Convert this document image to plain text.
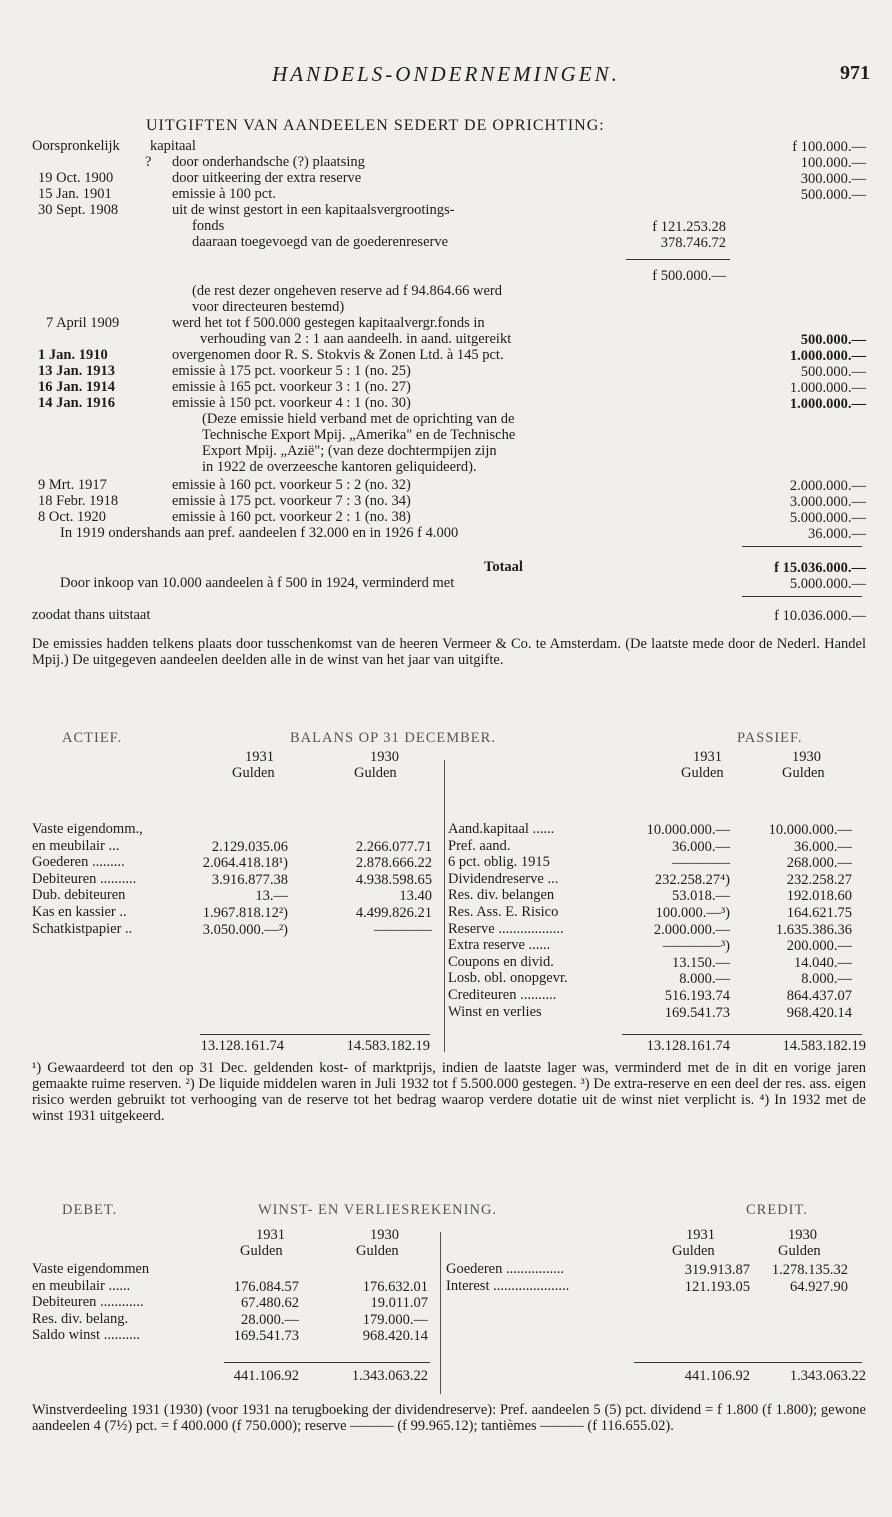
HANDELS-ONDERNEMINGEN.	971
UITGIFTEN VAN AANDEELEN SEDERT DE OPRICHTING:
Oorspronkelijk kapitaal	f 100.000.—
? door onderhandsche (?) plaatsing	100.000.—
19 Oct. 1900	door uitkeering der extra reserve	300.000.—
15 Jan. 1901	emissie à 100 pct.	500.000.—
30 Sept. 1908	uit de winst gestort in een kapitaalsvergrootings-
fonds	f 121.253.28
daaraan toegevoegd van de goederenreserve	378.746.72
f 500.000.—
(de rest dezer ongeheven reserve ad f 94.864.66 werd
voor directeuren bestemd)
7 April 1909	werd het tot f 500.000 gestegen kapitaalvergr.fonds in
verhouding van 2 : 1 aan aandeelh. in aand. uitgereikt	500.000.—
1 Jan. 1910	overgenomen door R. S. Stokvis & Zonen Ltd. à 145 pct.	1.000.000.—
13 Jan. 1913	emissie à 175 pct. voorkeur 5 : 1 (no. 25)	500.000.—
16 Jan. 1914	emissie à 165 pct. voorkeur 3 : 1 (no. 27)	1.000.000.—
14 Jan. 1916	emissie à 150 pct. voorkeur 4 : 1 (no. 30)	1.000.000.—
(Deze emissie hield verband met de oprichting van de
Technische Export Mpij. „Amerika" en de Technische
Export Mpij. „Azië"; (van deze dochtermpijen zijn
in 1922 de overzeesche kantoren geliquideerd).
9 Mrt. 1917	emissie à 160 pct. voorkeur 5 : 2 (no. 32)	2.000.000.—
18 Febr. 1918	emissie à 175 pct. voorkeur 7 : 3 (no. 34)	3.000.000.—
8 Oct. 1920	emissie à 160 pct. voorkeur 2 : 1 (no. 38)	5.000.000.—
In 1919 ondershands aan pref. aandeelen f 32.000 en in 1926 f 4.000	36.000.—
Totaal	f 15.036.000.—
Door inkoop van 10.000 aandeelen à f 500 in 1924, verminderd met	5.000.000.—
zoodat thans uitstaat	f 10.036.000.—
De emissies hadden telkens plaats door tusschenkomst van de heeren Vermeer & Co. te Amsterdam. (De laatste mede door de Nederl. Handel Mpij.) De uitgegeven aandeelen deelden alle in de winst van het jaar van uitgifte.
ACTIEF.	BALANS OP 31 DECEMBER.	PASSIEF.
1931	1930
Gulden	Gulden
1931	1930
Gulden	Gulden
Vaste eigendomm.,
en meubilair ...	2.129.035.06	2.266.077.71
Goederen .........	2.064.418.18¹)	2.878.666.22
Debiteuren ..........	3.916.877.38	4.938.598.65
Dub. debiteuren	13.—	13.40
Kas en kassier ..	1.967.818.12²)	4.499.826.21
Schatkistpapier ..	3.050.000.—²)	————
Aand.kapitaal ......	10.000.000.—	10.000.000.—
Pref. aand.	36.000.—	36.000.—
6 pct. oblig. 1915	————	268.000.—
Dividendreserve ...	232.258.27⁴)	232.258.27
Res. div. belangen	53.018.—	192.018.60
Res. Ass. E. Risico	100.000.—³)	164.621.75
Reserve ..................	2.000.000.—	1.635.386.36
Extra reserve ......	————³)	200.000.—
Coupons en divid.	13.150.—	14.040.—
Losb. obl. onopgevr.	8.000.—	8.000.—
Crediteuren ..........	516.193.74	864.437.07
Winst en verlies	169.541.73	968.420.14
13.128.161.74	14.583.182.19	13.128.161.74	14.583.182.19
¹) Gewaardeerd tot den op 31 Dec. geldenden kost- of marktprijs, indien de laatste lager was, verminderd met de in dit en vorige jaren gemaakte ruime reserven. ²) De liquide middelen waren in Juli 1932 tot f 5.500.000 gestegen. ³) De extra-reserve en een deel der res. ass. eigen risico werden gebruikt tot verhooging van de reserve tot het bedrag waarop verdere dotatie uit de winst niet verplicht is. ⁴) In 1932 met de winst 1931 uitgekeerd.
DEBET.	WINST- EN VERLIESREKENING.	CREDIT.
1931	1930
Gulden	Gulden
1931	1930
Gulden	Gulden
Vaste eigendommen
en meubilair ......	176.084.57	176.632.01
Debiteuren ............	67.480.62	19.011.07
Res. div. belang.	28.000.—	179.000.—
Saldo winst ..........	169.541.73	968.420.14
Goederen ................	319.913.87 1.278.135.32
Interest .....................	121.193.05	64.927.90
441.106.92	1.343.063.22	441.106.92	1.343.063.22
Winstverdeeling 1931 (1930) (voor 1931 na terugboeking der dividendreserve): Pref. aandeelen 5 (5) pct. dividend = f 1.800 (f 1.800); gewone aandeelen 4 (7½) pct. = f 400.000 (f 750.000); reserve ——— (f 99.965.12); tantièmes ——— (f 116.655.02).
